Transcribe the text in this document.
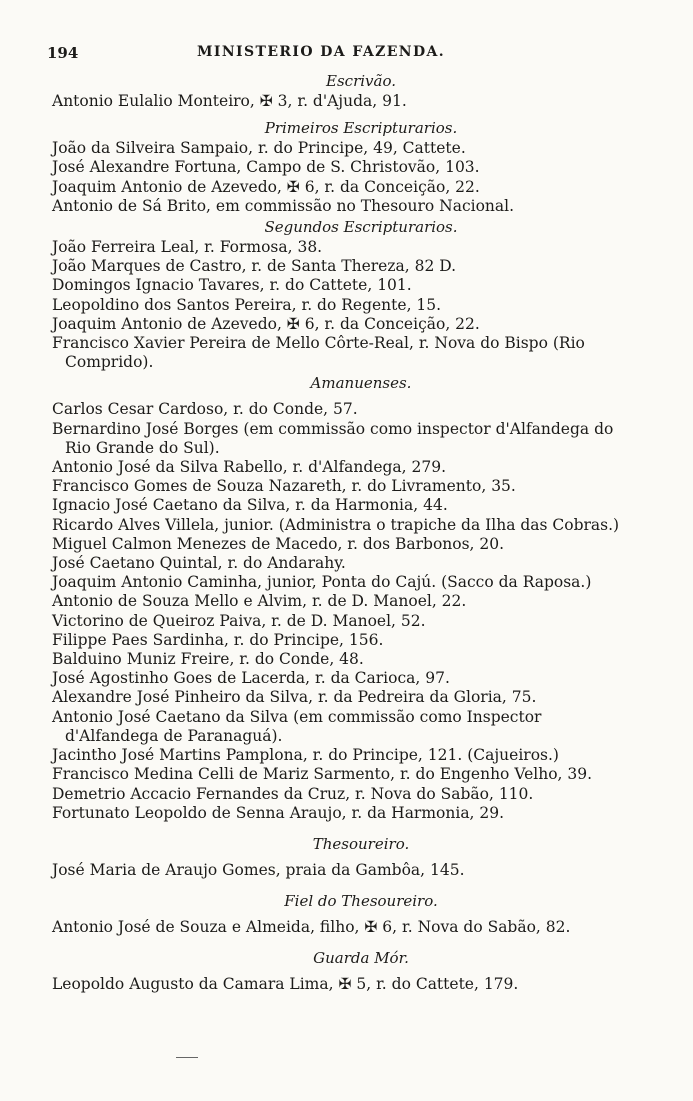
194	MINISTERIO DA FAZENDA.
Escrivão.
Antonio Eulalio Monteiro, ✠ 3, r. d'Ajuda, 91.
Primeiros Escripturarios.
João da Silveira Sampaio, r. do Principe, 49, Cattete.
José Alexandre Fortuna, Campo de S. Christovão, 103.
Joaquim Antonio de Azevedo, ✠ 6, r. da Conceição, 22.
Antonio de Sá Brito, em commissão no Thesouro Nacional.
Segundos Escripturarios.
João Ferreira Leal, r. Formosa, 38.
João Marques de Castro, r. de Santa Thereza, 82 D.
Domingos Ignacio Tavares, r. do Cattete, 101.
Leopoldino dos Santos Pereira, r. do Regente, 15.
Joaquim Antonio de Azevedo, ✠ 6, r. da Conceição, 22.
Francisco Xavier Pereira de Mello Côrte-Real, r. Nova do Bispo (Rio Comprido).
Amanuenses.
Carlos Cesar Cardoso, r. do Conde, 57.
Bernardino José Borges (em commissão como inspector d'Alfandega do Rio Grande do Sul).
Antonio José da Silva Rabello, r. d'Alfandega, 279.
Francisco Gomes de Souza Nazareth, r. do Livramento, 35.
Ignacio José Caetano da Silva, r. da Harmonia, 44.
Ricardo Alves Villela, junior. (Administra o trapiche da Ilha das Cobras.)
Miguel Calmon Menezes de Macedo, r. dos Barbonos, 20.
José Caetano Quintal, r. do Andarahy.
Joaquim Antonio Caminha, junior, Ponta do Cajú. (Sacco da Raposa.)
Antonio de Souza Mello e Alvim, r. de D. Manoel, 22.
Victorino de Queiroz Paiva, r. de D. Manoel, 52.
Filippe Paes Sardinha, r. do Principe, 156.
Balduino Muniz Freire, r. do Conde, 48.
José Agostinho Goes de Lacerda, r. da Carioca, 97.
Alexandre José Pinheiro da Silva, r. da Pedreira da Gloria, 75.
Antonio José Caetano da Silva (em commissão como Inspector d'Alfandega de Paranaguá).
Jacintho José Martins Pamplona, r. do Principe, 121. (Cajueiros.)
Francisco Medina Celli de Mariz Sarmento, r. do Engenho Velho, 39.
Demetrio Accacio Fernandes da Cruz, r. Nova do Sabão, 110.
Fortunato Leopoldo de Senna Araujo, r. da Harmonia, 29.
Thesoureiro.
José Maria de Araujo Gomes, praia da Gambôa, 145.
Fiel do Thesoureiro.
Antonio José de Souza e Almeida, filho, ✠ 6, r. Nova do Sabão, 82.
Guarda Mór.
Leopoldo Augusto da Camara Lima, ✠ 5, r. do Cattete, 179.
